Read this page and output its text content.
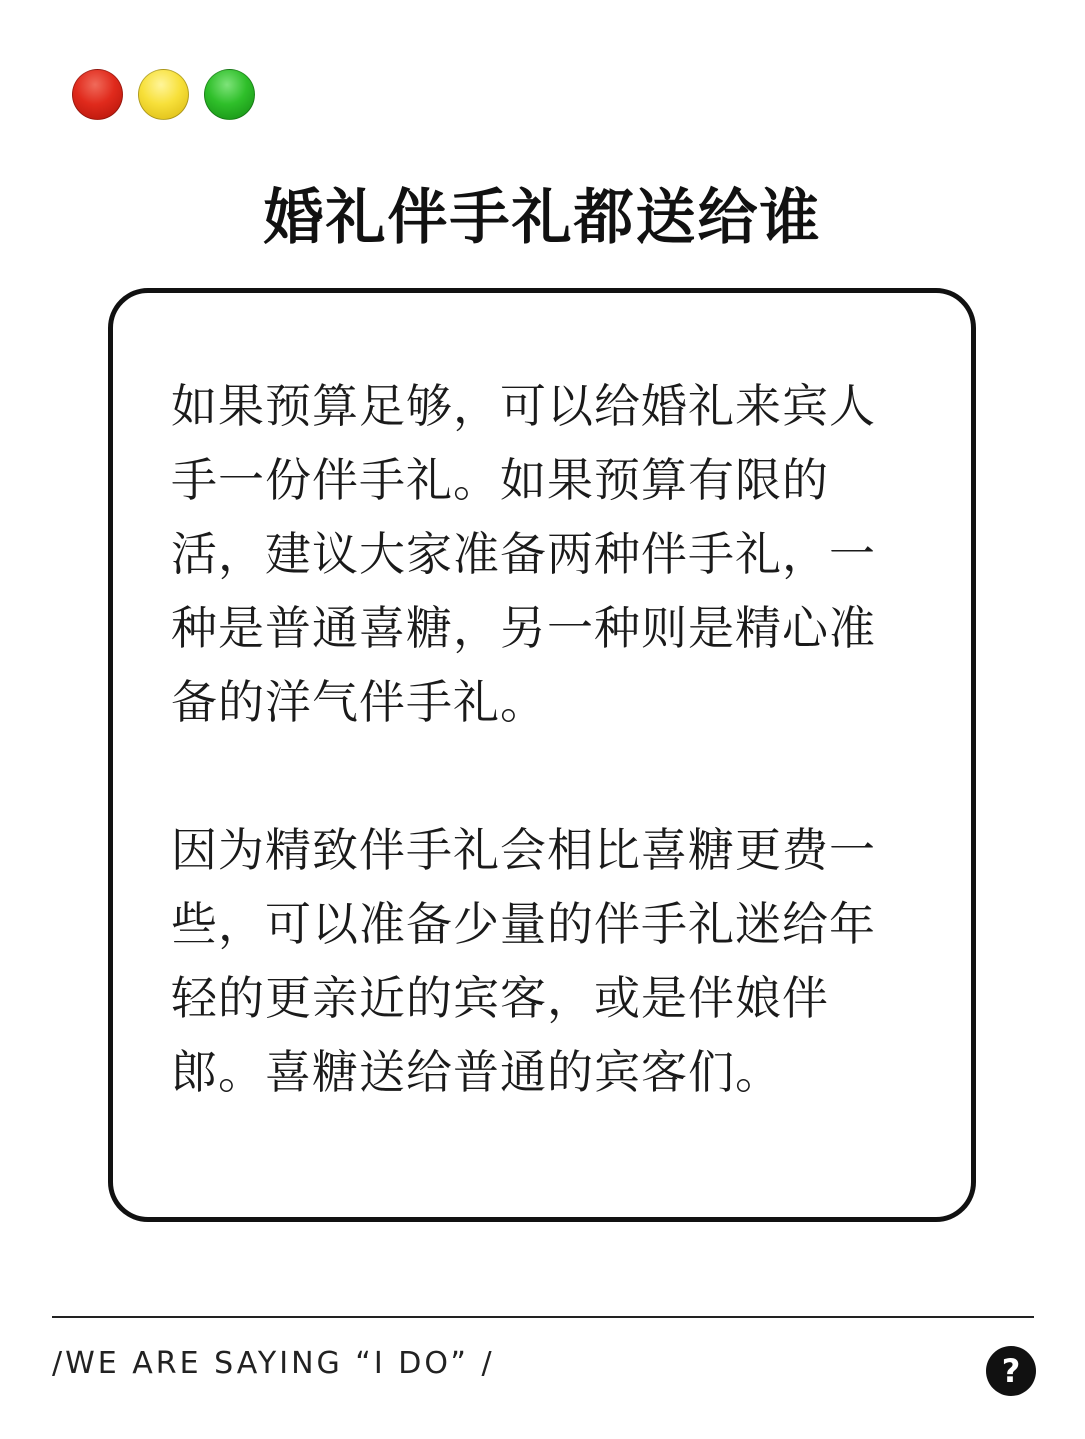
婚礼伴手礼都送给谁

如果预算足够，可以给婚礼来宾人手一份伴手礼。如果预算有限的活，建议大家准备两种伴手礼，一种是普通喜糖，另一种则是精心准备的洋气伴手礼。

因为精致伴手礼会相比喜糖更费一些，可以准备少量的伴手礼迷给年轻的更亲近的宾客，或是伴娘伴郎。喜糖送给普通的宾客们。

/WE ARE SAYING “I DO” /	?
